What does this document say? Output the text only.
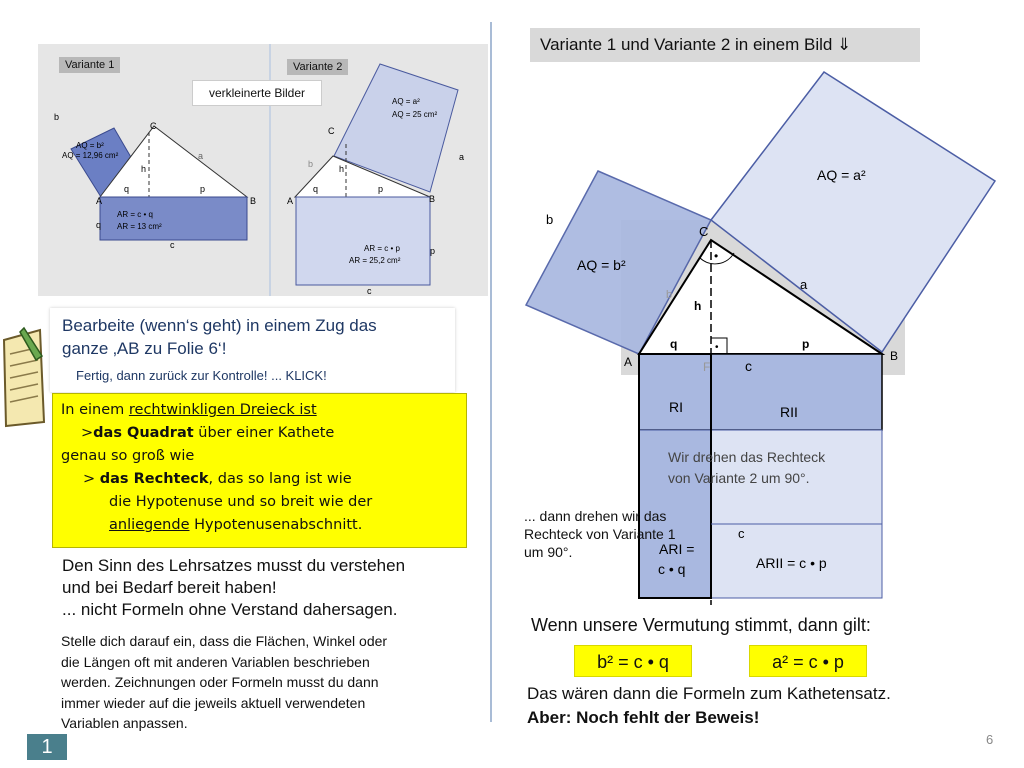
Variante 1	Variante 2
verkleinerte Bilder
b
C
a
h
q	p
A	B
q
c
AQ = b²
AQ = 12,96 cm²
AR = c • q
AR = 13 cm²
AQ = a²
AQ = 25 cm²
b
C
a
h
q	p
A	B
p
c
AR = c • p
AR = 25,2 cm²
Bearbeite (wenn‘s geht) in einem Zug das
ganze ‚AB zu Folie 6‘!
Fertig, dann zurück zur Kontrolle! ... KLICK!
In einem rechtwinkligen Dreieck ist
>das Quadrat über einer Kathete
genau so groß wie
> das Rechteck, das so lang ist wie
die Hypotenuse und so breit wie der
anliegende Hypotenusenabschnitt.
Den Sinn des Lehrsatzes musst du verstehen
und bei Bedarf bereit haben!
... nicht Formeln ohne Verstand dahersagen.
Stelle dich darauf ein, dass die Flächen, Winkel oder
die Längen oft mit anderen Variablen beschrieben
werden. Zeichnungen oder Formeln musst du dann
immer wieder auf die jeweils aktuell verwendeten
Variablen anpassen.
Variante 1 und Variante 2 in einem Bild ⇓
•
•
AQ = a²
AQ = b²
b
b
C
a
h
q	p
A	B
F c
RI	RII
Wir drehen das Rechteck
von Variante 2 um 90°.
c
ARI =
c • q	ARII = c • p
... dann drehen wir das
Rechteck von Variante 1
um 90°.
Wenn unsere Vermutung stimmt, dann gilt:
b² = c • q	a² = c • p
Das wären dann die Formeln zum Kathetensatz.
Aber: Noch fehlt der Beweis!
1	6
